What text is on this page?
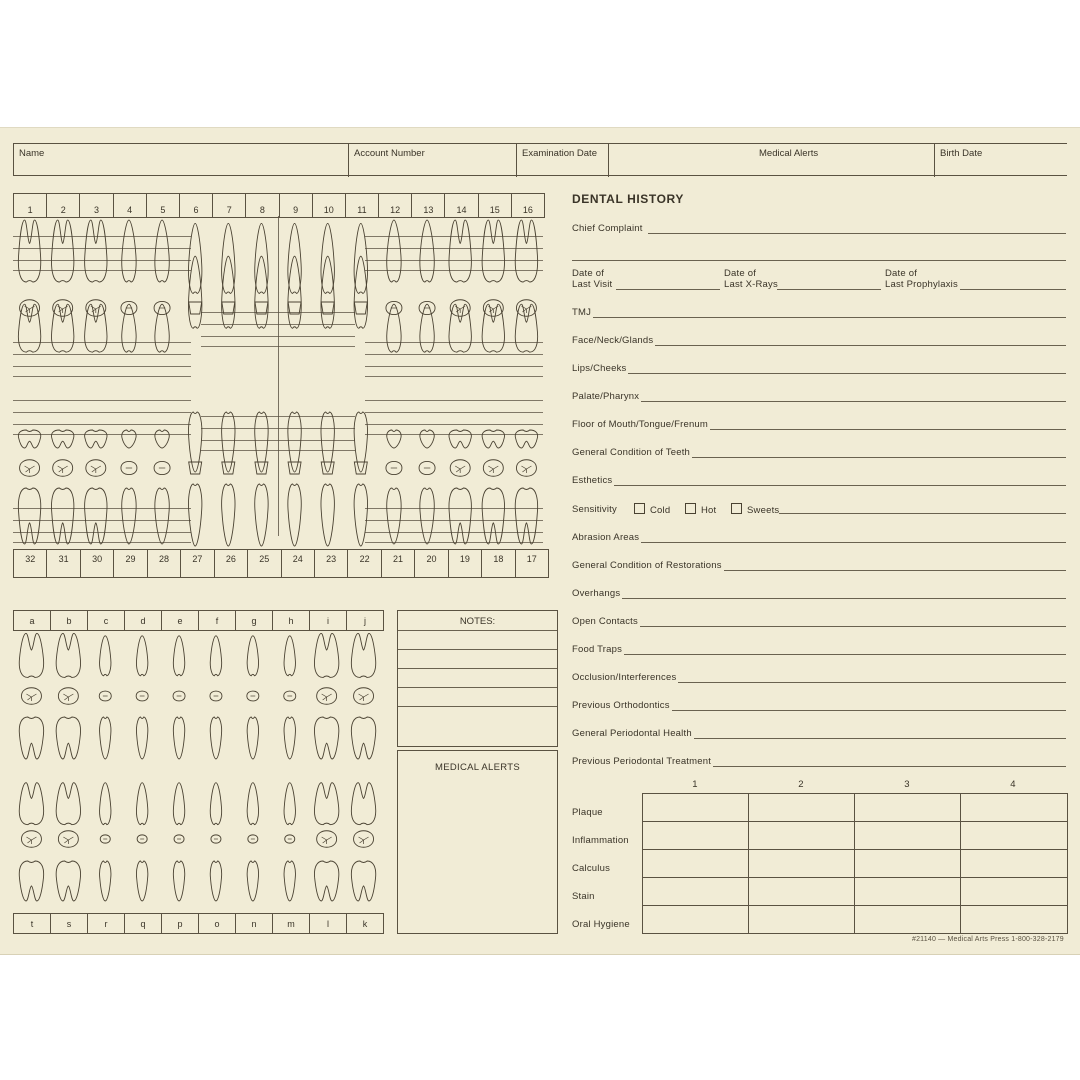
Name	Account Number	Examination Date	Medical Alerts	Birth Date
1	2	3	4	5	6	7	8	9	10	11	12	13	14	15	16
32	31	30	29	28	27	26	25	24	23	22	21	20	19	18	17
a	b	c	d	e	f	g	h	i	j
t	s	r	q	p	o	n	m	l	k
NOTES:
MEDICAL ALERTS
DENTAL HISTORY
Chief Complaint
Date of
Last Visit
Date of
Last X-Rays
Date of
Last Prophylaxis
TMJ
Face/Neck/Glands
Lips/Cheeks
Palate/Pharynx
Floor of Mouth/Tongue/Frenum
General Condition of Teeth
Esthetics
Sensitivity	Cold	Hot	Sweets
Abrasion Areas
General Condition of Restorations
Overhangs
Open Contacts
Food Traps
Occlusion/Interferences
Previous Orthodontics
General Periodontal Health
Previous Periodontal Treatment
1	2	3	4
Plaque
Inflammation
Calculus
Stain
Oral Hygiene
#21140 — Medical Arts Press 1-800-328-2179
